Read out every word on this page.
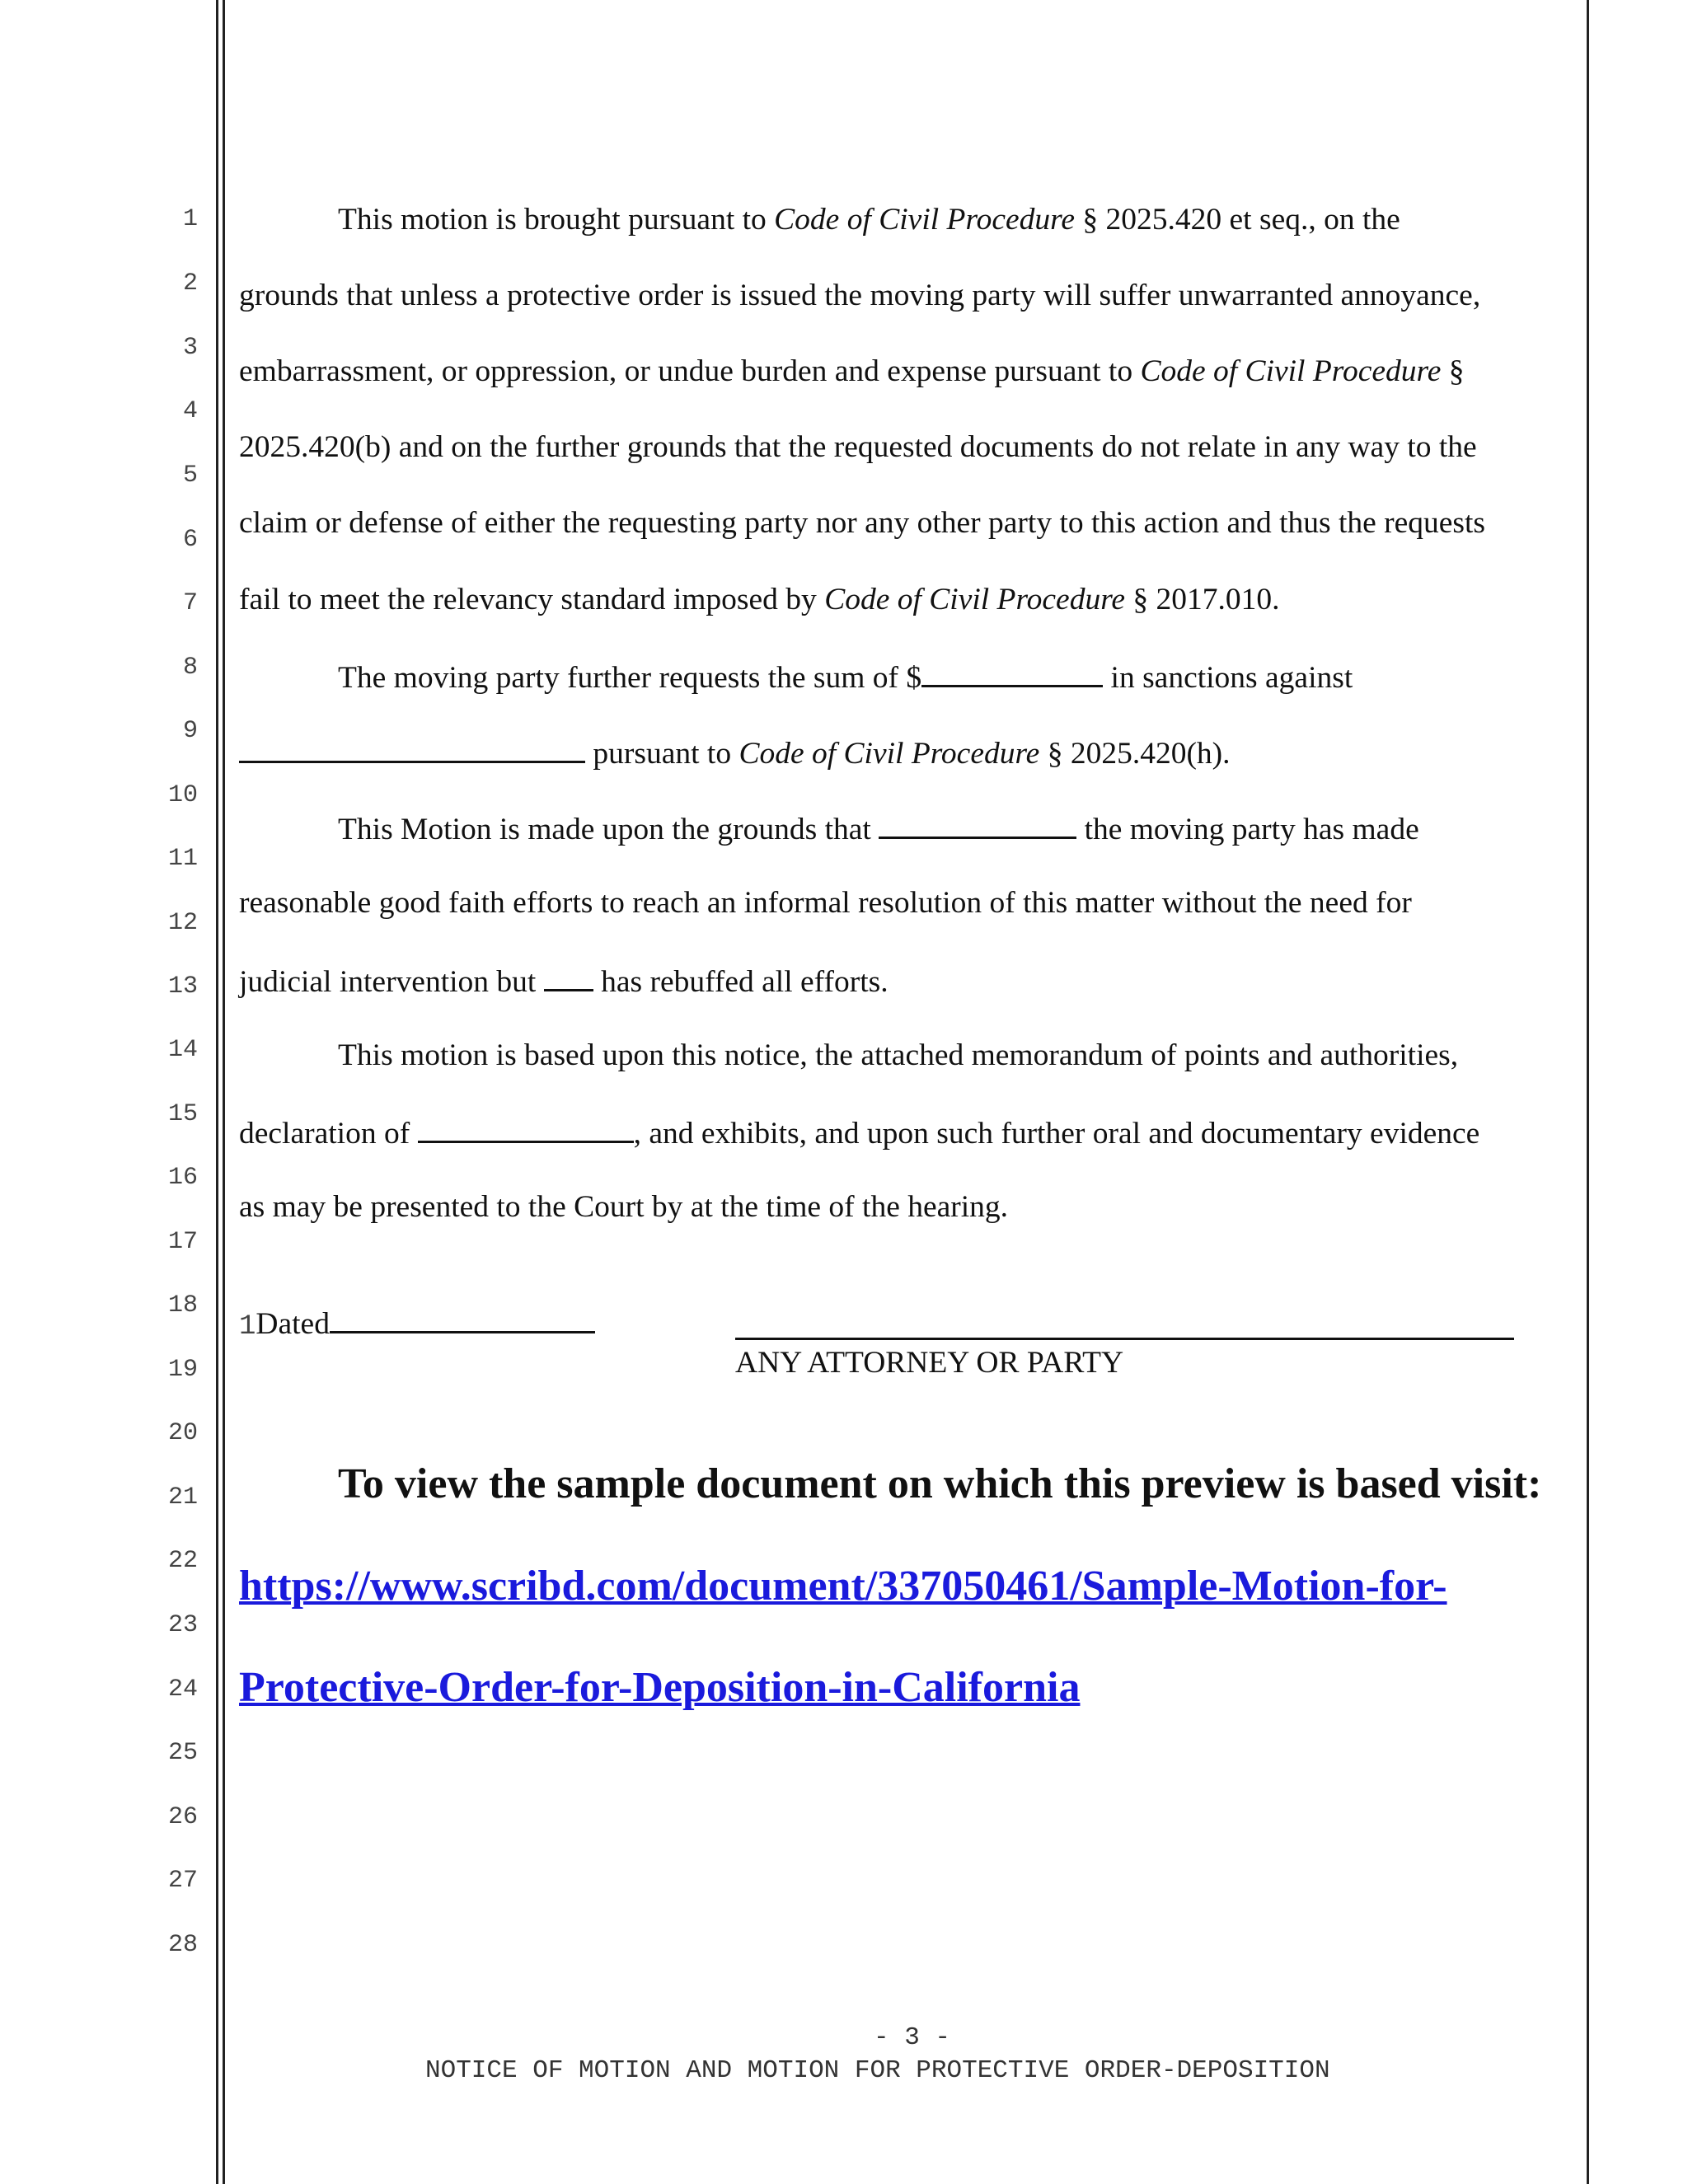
1
2
3
4
5
6
7
8
9
10
11
12
13
14
15
16
17
18
19
20
21
22
23
24
25
26
27
28
This motion is brought pursuant to Code of Civil Procedure § 2025.420 et seq., on the
grounds that unless a protective order is issued the moving party will suffer unwarranted annoyance,
embarrassment, or oppression, or undue burden and expense pursuant to Code of Civil Procedure §
2025.420(b) and on the further grounds that the requested documents do not relate in any way to the
claim or defense of either the requesting party nor any other party to this action and thus the requests
fail to meet the relevancy standard imposed by Code of Civil Procedure § 2017.010.
The moving party further requests the sum of $	in sanctions against
pursuant to Code of Civil Procedure § 2025.420(h).
This Motion is made upon the grounds that	the moving party has made
reasonable good faith efforts to reach an informal resolution of this matter without the need for
judicial intervention but  has rebuffed all efforts.
This motion is based upon this notice, the attached memorandum of points and authorities,
declaration of	, and exhibits, and upon such further oral and documentary evidence
as may be presented to the Court by at the time of the hearing.
1Dated
ANY ATTORNEY OR PARTY
To view the sample document on which this preview is based visit:
https://www.scribd.com/document/337050461/Sample-Motion-for-
Protective-Order-for-Deposition-in-California
- 3 -
NOTICE OF MOTION AND MOTION FOR PROTECTIVE ORDER-DEPOSITION
